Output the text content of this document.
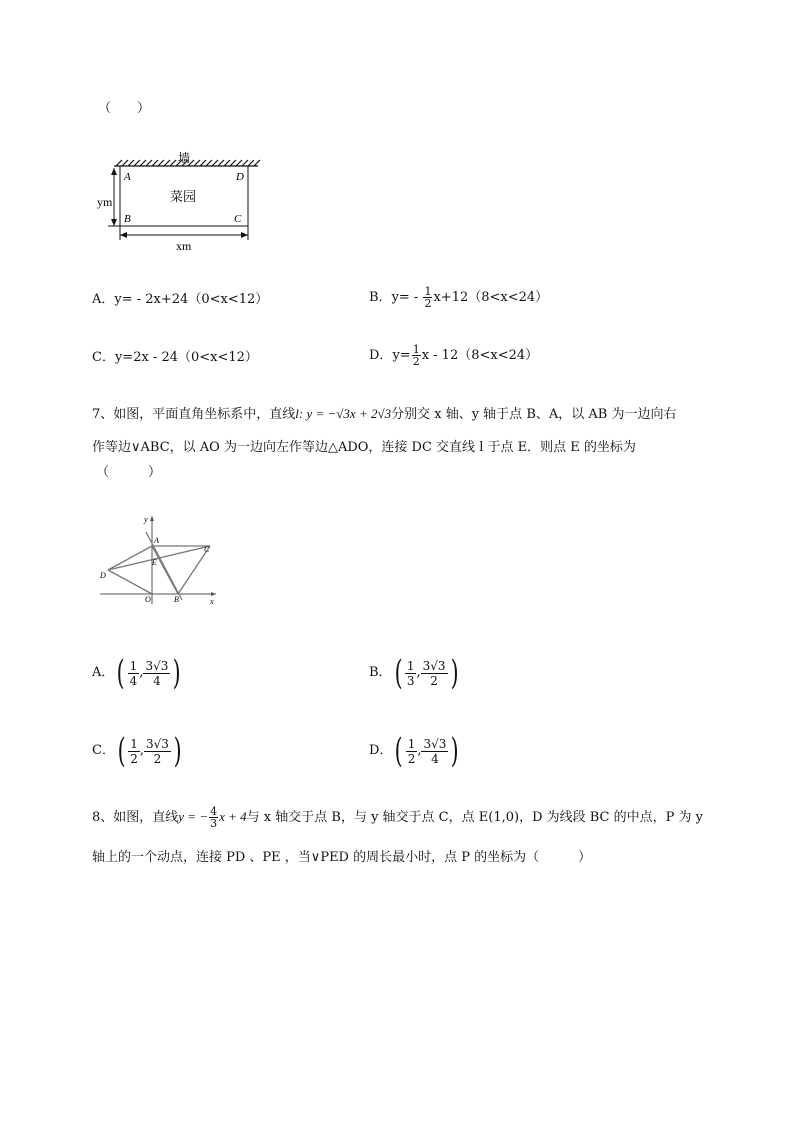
（　　）
墙
菜园
A	D
B	C
ym
xm
A．y= - 2x+24（0<x<12）	B．$y= - \frac{1}{2} x+12(8<x<24)$
C．y=2x - 24（0<x<12）	D．$y= \frac{1}{2}$ x - 12（8<x<24）
7、如图，平面直角坐标系中，直线l: y = −√3x + 2√3分别交 x 轴、y 轴于点 B、A，以 AB 为一边向右
作等边∨ABC，以 AO 为一边向左作等边△ADO，连接 DC 交直线 l 于点 E．则点 E 的坐标为
（　　　）
y
x
A
C
D
E
O	B
A． ( 1
4
, 3√3
4 )	B． ( 1
3
, 3√3
2 )
C． ( 1
2
, 3√3
2 )	D． ( 1
2
, 3√3
4 )
8、如图，直线y = − $\frac{4}{3}$ x + 4与 x 轴交于点 B，与 y 轴交于点 C，点 E(1,0)，D 为线段 BC 的中点，P 为 y
轴上的一个动点，连接 PD 、PE ，当∨PED 的周长最小时，点 P 的坐标为（　　　）
